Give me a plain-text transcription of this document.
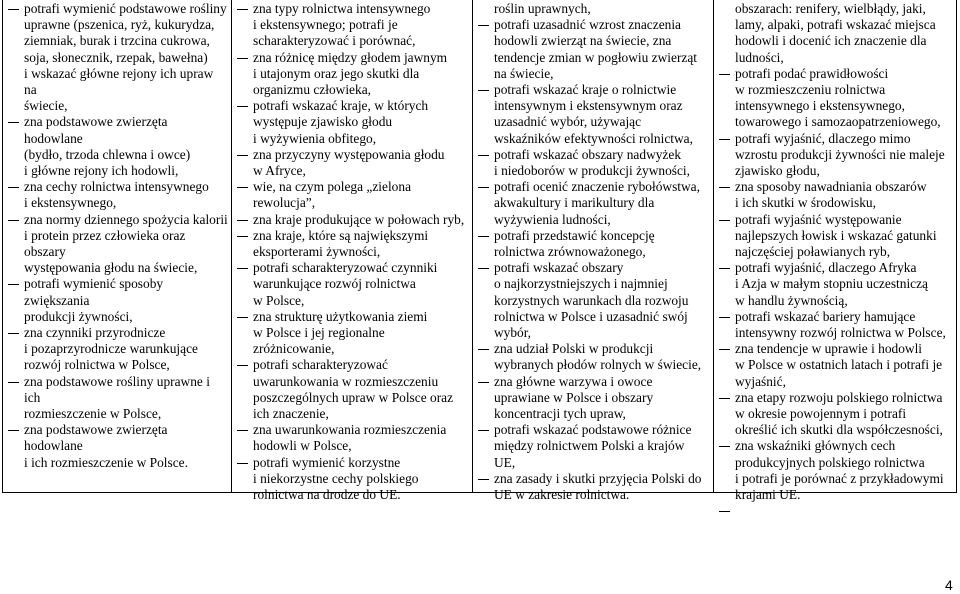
potrafi wymienić podstawowe rośliny
uprawne (pszenica, ryż, kukurydza,
ziemniak, burak i trzcina cukrowa,
soja, słonecznik, rzepak, bawełna)
i wskazać główne rejony ich upraw na
świecie,
zna podstawowe zwierzęta hodowlane
(bydło, trzoda chlewna i owce)
i główne rejony ich hodowli,
zna cechy rolnictwa intensywnego
i ekstensywnego,
zna normy dziennego spożycia kalorii
i protein przez człowieka oraz obszary
występowania głodu na świecie,
potrafi wymienić sposoby zwiększania
produkcji żywności,
zna czynniki przyrodnicze
i pozaprzyrodnicze warunkujące
rozwój rolnictwa w Polsce,
zna podstawowe rośliny uprawne i ich
rozmieszczenie w Polsce,
zna podstawowe zwierzęta hodowlane
i ich rozmieszczenie w Polsce.
zna typy rolnictwa intensywnego
i ekstensywnego; potrafi je
scharakteryzować i porównać,
zna różnicę między głodem jawnym
i utajonym oraz jego skutki dla
organizmu człowieka,
potrafi wskazać kraje, w których
występuje zjawisko głodu
i wyżywienia obfitego,
zna przyczyny występowania głodu
w Afryce,
wie, na czym polega „zielona
rewolucja”,
zna kraje produkujące w połowach ryb,
zna kraje, które są największymi
eksporterami żywności,
potrafi scharakteryzować czynniki
warunkujące rozwój rolnictwa
w Polsce,
zna strukturę użytkowania ziemi
w Polsce i jej regionalne
zróżnicowanie,
potrafi scharakteryzować
uwarunkowania w rozmieszczeniu
poszczególnych upraw w Polsce oraz
ich znaczenie,
zna uwarunkowania rozmieszczenia
hodowli w Polsce,
potrafi wymienić korzystne
i niekorzystne cechy polskiego
rolnictwa na drodze do UE.
roślin uprawnych,
potrafi uzasadnić wzrost znaczenia
hodowli zwierząt na świecie, zna
tendencje zmian w pogłowiu zwierząt
na świecie,
potrafi wskazać kraje o rolnictwie
intensywnym i ekstensywnym oraz
uzasadnić wybór, używając
wskaźników efektywności rolnictwa,
potrafi wskazać obszary nadwyżek
i niedoborów w produkcji żywności,
potrafi ocenić znaczenie rybołówstwa,
akwakultury i marikultury dla
wyżywienia ludności,
potrafi przedstawić koncepcję
rolnictwa zrównoważonego,
potrafi wskazać obszary
o najkorzystniejszych i najmniej
korzystnych warunkach dla rozwoju
rolnictwa w Polsce i uzasadnić swój
wybór,
zna udział Polski w produkcji
wybranych płodów rolnych w świecie,
zna główne warzywa i owoce
uprawiane w Polsce i obszary
koncentracji tych upraw,
potrafi wskazać podstawowe różnice
między rolnictwem Polski a krajów
UE,
zna zasady i skutki przyjęcia Polski do
UE w zakresie rolnictwa.
obszarach: renifery, wielbłądy, jaki,
lamy, alpaki, potrafi wskazać miejsca
hodowli i docenić ich znaczenie dla
ludności,
potrafi podać prawidłowości
w rozmieszczeniu rolnictwa
intensywnego i ekstensywnego,
towarowego i samozaopatrzeniowego,
potrafi wyjaśnić, dlaczego mimo
wzrostu produkcji żywności nie maleje
zjawisko głodu,
zna sposoby nawadniania obszarów
i ich skutki w środowisku,
potrafi wyjaśnić występowanie
najlepszych łowisk i wskazać gatunki
najczęściej poławianych ryb,
potrafi wyjaśnić, dlaczego Afryka
i Azja w małym stopniu uczestniczą
w handlu żywnością,
potrafi wskazać bariery hamujące
intensywny rozwój rolnictwa w Polsce,
zna tendencje w uprawie i hodowli
w Polsce w ostatnich latach i potrafi je
wyjaśnić,
zna etapy rozwoju polskiego rolnictwa
w okresie powojennym i potrafi
określić ich skutki dla współczesności,
zna wskaźniki głównych cech
produkcyjnych polskiego rolnictwa
i potrafi je porównać z przykładowymi
krajami UE.
4
